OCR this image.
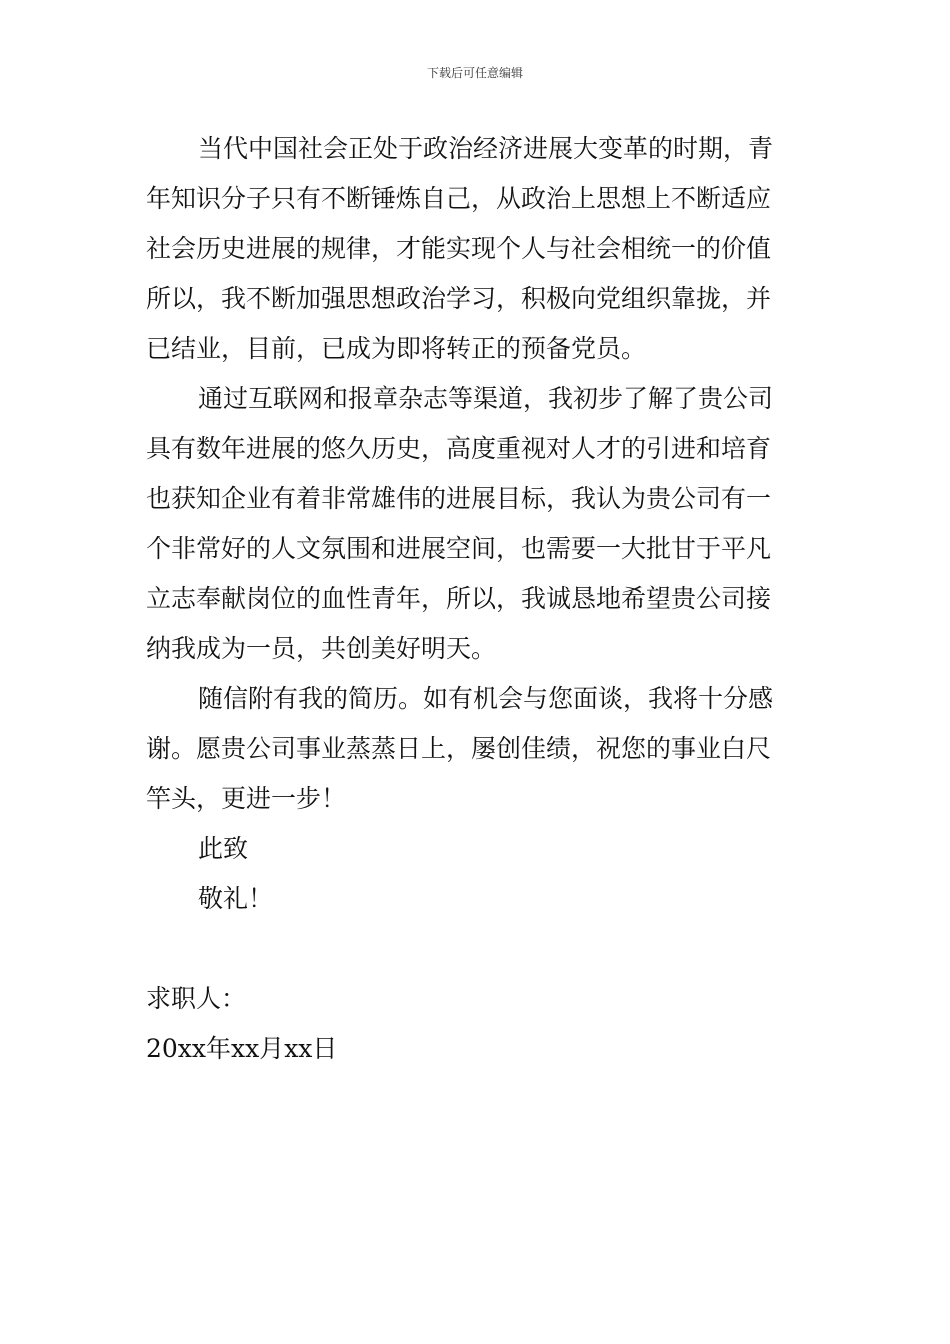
下载后可任意编辑
当代中国社会正处于政治经济进展大变革的时期，青
年知识分子只有不断锤炼自己，从政治上思想上不断适应
社会历史进展的规律，才能实现个人与社会相统一的价值
所以，我不断加强思想政治学习，积极向党组织靠拢，并
已结业，目前，已成为即将转正的预备党员。
通过互联网和报章杂志等渠道，我初步了解了贵公司
具有数年进展的悠久历史，高度重视对人才的引进和培育
也获知企业有着非常雄伟的进展目标，我认为贵公司有一
个非常好的人文氛围和进展空间，也需要一大批甘于平凡
立志奉献岗位的血性青年，所以，我诚恳地希望贵公司接
纳我成为一员，共创美好明天。
随信附有我的简历。如有机会与您面谈，我将十分感
谢。愿贵公司事业蒸蒸日上，屡创佳绩，祝您的事业白尺
竿头，更进一步！
此致
敬礼！
求职人：
20xx年xx月xx日
